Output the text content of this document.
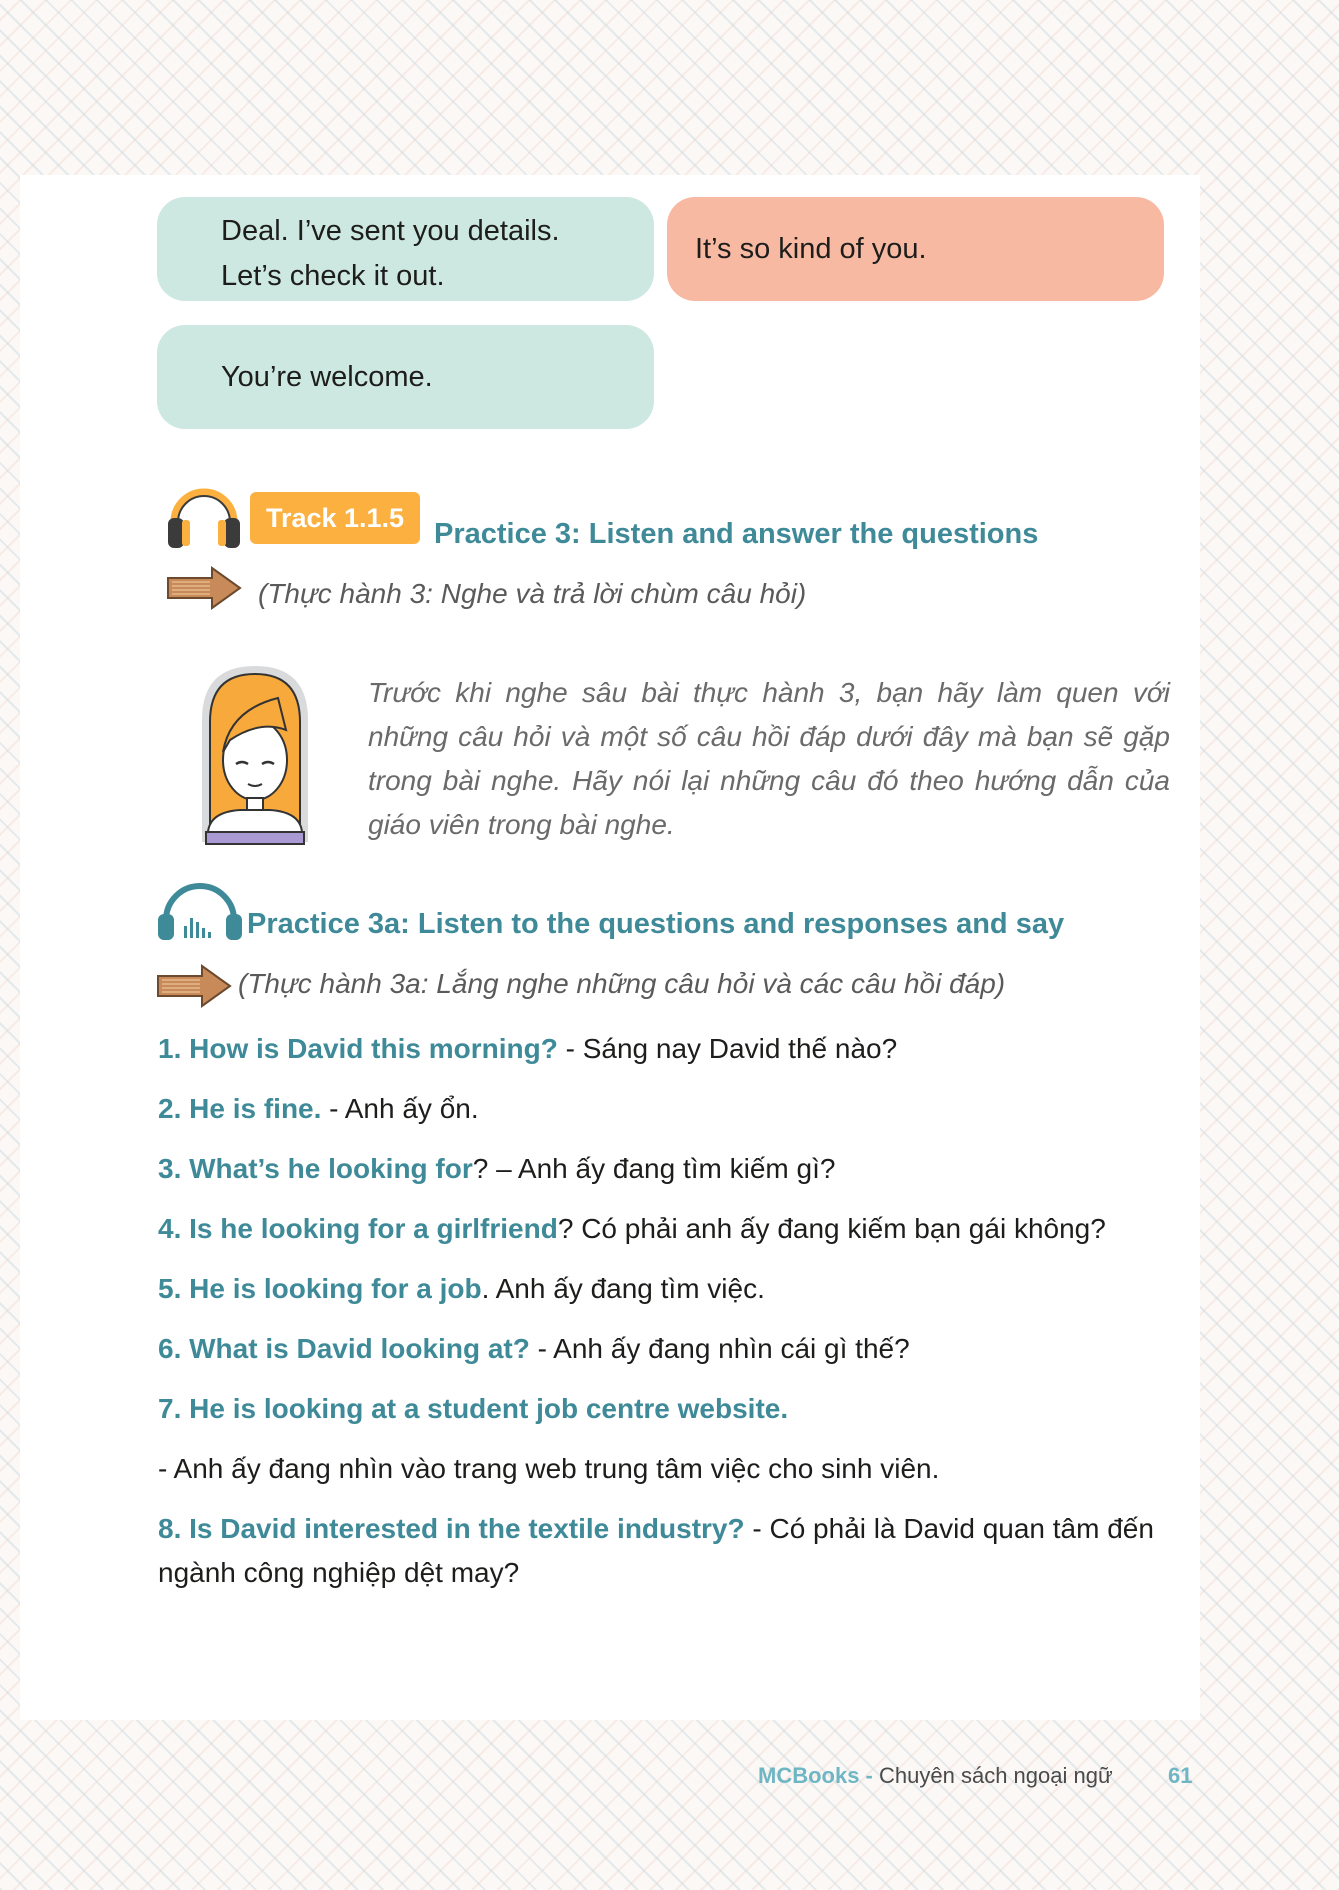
Deal. I’ve sent you details. Let’s check it out.
It’s so kind of you.
You’re welcome.
Track 1.1.5	Practice 3: Listen and answer the questions
(Thực hành 3: Nghe và trả lời chùm câu hỏi)
Trước khi nghe sâu bài thực hành 3, bạn hãy làm quen với những câu hỏi và một số câu hồi đáp dưới đây mà bạn sẽ gặp trong bài nghe. Hãy nói lại những câu đó theo hướng dẫn của giáo viên trong bài nghe.
Practice 3a: Listen to the questions and responses and say
(Thực hành 3a: Lắng nghe những câu hỏi và các câu hồi đáp)
1. How is David this morning? - Sáng nay David thế nào?
2. He is fine. - Anh ấy ổn.
3. What’s he looking for? – Anh ấy đang tìm kiếm gì?
4. Is he looking for a girlfriend? Có phải anh ấy đang kiếm bạn gái không?
5. He is looking for a job. Anh ấy đang tìm việc.
6. What is David looking at? - Anh ấy đang nhìn cái gì thế?
7. He is looking at a student job centre website.
- Anh ấy đang nhìn vào trang web trung tâm việc cho sinh viên.
8. Is David interested in the textile industry? - Có phải là David quan tâm đến ngành công nghiệp dệt may?
MCBooks - Chuyên sách ngoại ngữ	61
